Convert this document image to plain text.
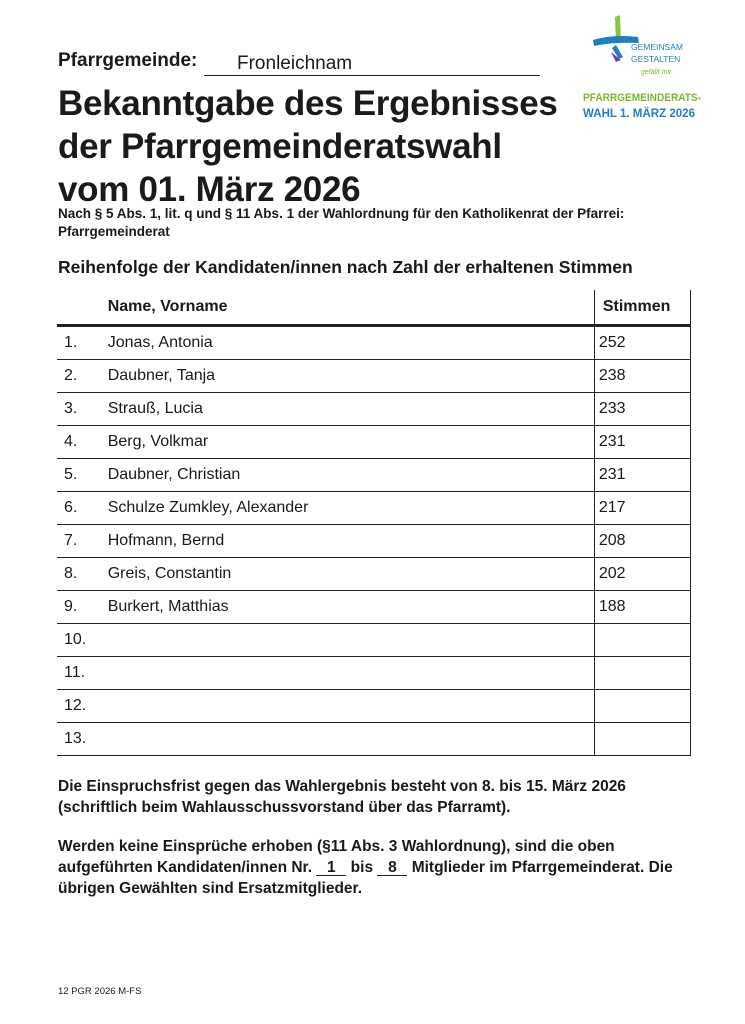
Pfarrgemeinde:	Fronleichnam
Bekanntgabe des Ergebnisses
der Pfarrgemeinderatswahl
vom 01. März 2026
Nach § 5 Abs. 1, lit. q und § 11 Abs. 1 der Wahlordnung für den Katholikenrat der Pfarrei: Pfarrgemeinderat
GEMEINSAM
GESTALTEN
gefällt mir
PFARRGEMEINDERATS-
WAHL 1. MÄRZ 2026
Reihenfolge der Kandidaten/innen nach Zahl der erhaltenen Stimmen
	Name, Vorname	Stimmen
1.	Jonas, Antonia	252
2.	Daubner, Tanja	238
3.	Strauß, Lucia	233
4.	Berg, Volkmar	231
5.	Daubner, Christian	231
6.	Schulze Zumkley, Alexander	217
7.	Hofmann, Bernd	208
8.	Greis, Constantin	202
9.	Burkert, Matthias	188
10.		
11.		
12.		
13.		
Die Einspruchsfrist gegen das Wahlergebnis besteht von 8. bis 15. März 2026 (schriftlich beim Wahlausschussvorstand über das Pfarramt).
Werden keine Einsprüche erhoben (§11 Abs. 3 Wahlordnung), sind die oben aufgeführten Kandidaten/innen Nr. 1 bis 8 Mitglieder im Pfarrgemeinderat. Die übrigen Gewählten sind Ersatzmitglieder.
12 PGR 2026 M-FS
